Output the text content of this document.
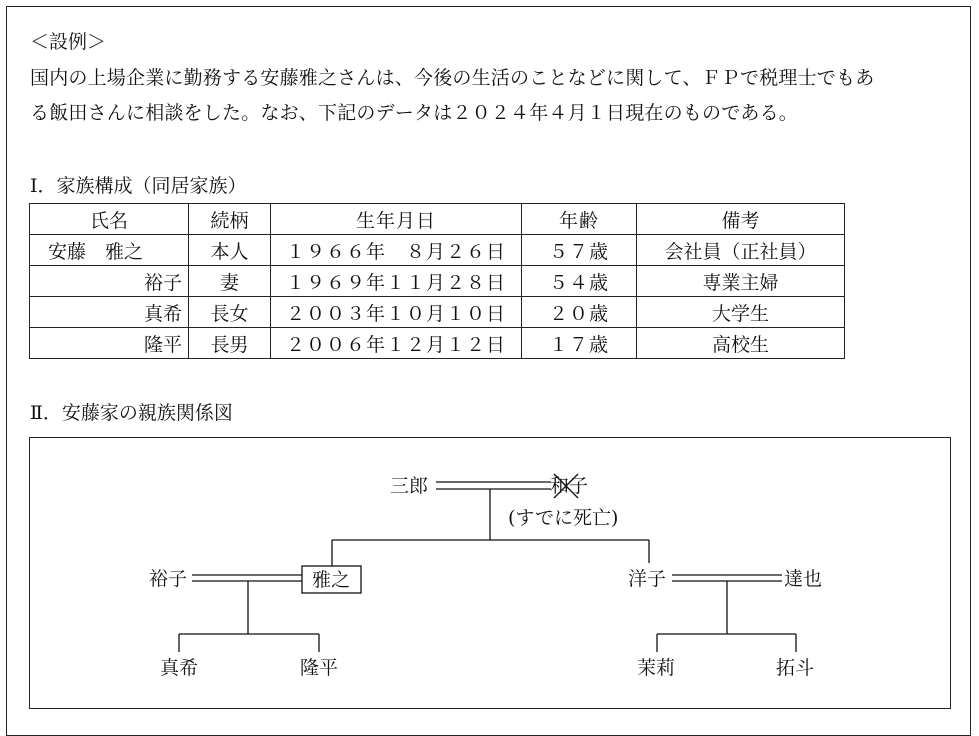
＜設例＞
国内の上場企業に勤務する安藤雅之さんは、今後の生活のことなどに関して、ＦＰで税理士でもあ
る飯田さんに相談をした。なお、下記のデータは２０２４年４月１日現在のものである。
Ⅰ．家族構成（同居家族）
氏名	続柄	生年月日	年齢	備考
安藤　雅之	本人	１９６６年　８月２６日	５７歳	会社員（正社員）
裕子	妻	１９６９年１１月２８日	５４歳	専業主婦
真希	長女	２００３年１０月１０日	２０歳	大学生
隆平	長男	２００６年１２月１２日	１７歳	高校生
Ⅱ．安藤家の親族関係図
三郎	和子
(すでに死亡)
裕子	雅之	洋子	達也
真希	隆平	茉莉	拓斗
